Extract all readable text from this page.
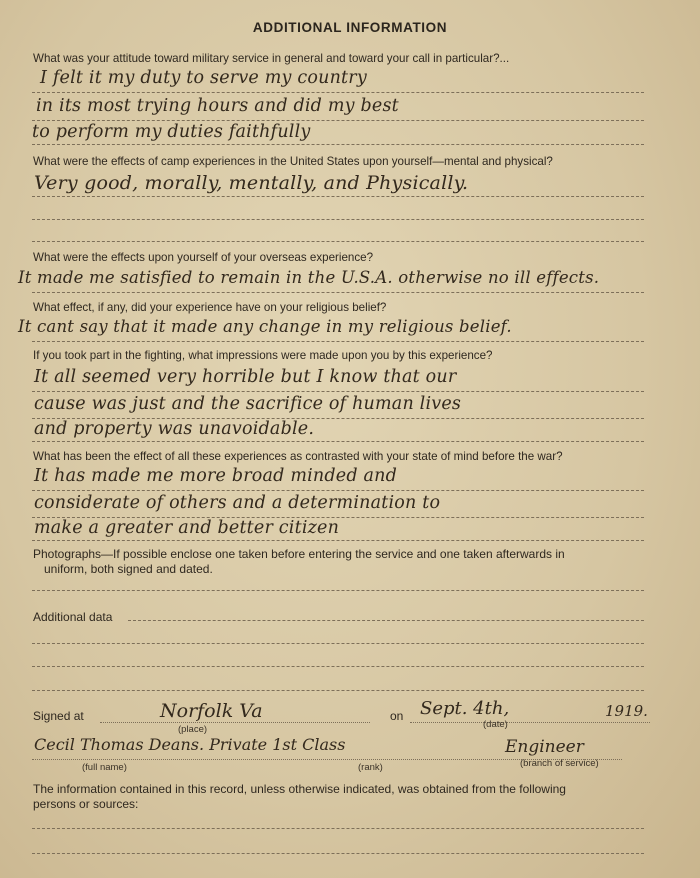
ADDITIONAL INFORMATION
What was your attitude toward military service in general and toward your call in particular?...
I felt it my duty to serve my country
in its most trying hours and did my best
to perform my duties faithfully
What were the effects of camp experiences in the United States upon yourself—mental and physical?
Very good, morally, mentally, and Physically.
What were the effects upon yourself of your overseas experience?
It made me satisfied to remain in the U.S.A. otherwise no ill effects.
What effect, if any, did your experience have on your religious belief?
It cant say that it made any change in my religious belief.
If you took part in the fighting, what impressions were made upon you by this experience?
It all seemed very horrible but I know that our
cause was just and the sacrifice of human lives
and property was unavoidable.
What has been the effect of all these experiences as contrasted with your state of mind before the war?
It has made me more broad minded and
considerate of others and a determination to
make a greater and better citizen
Photographs—If possible enclose one taken before entering the service and one taken afterwards in
uniform, both signed and dated.
Additional data
Signed at	Norfolk Va
(place)
on Sept. 4th,	1919.
(date)
Cecil Thomas Deans. Private 1st Class	Engineer
(full name)	(rank)	(branch of service)
The information contained in this record, unless otherwise indicated, was obtained from the following
persons or sources:
